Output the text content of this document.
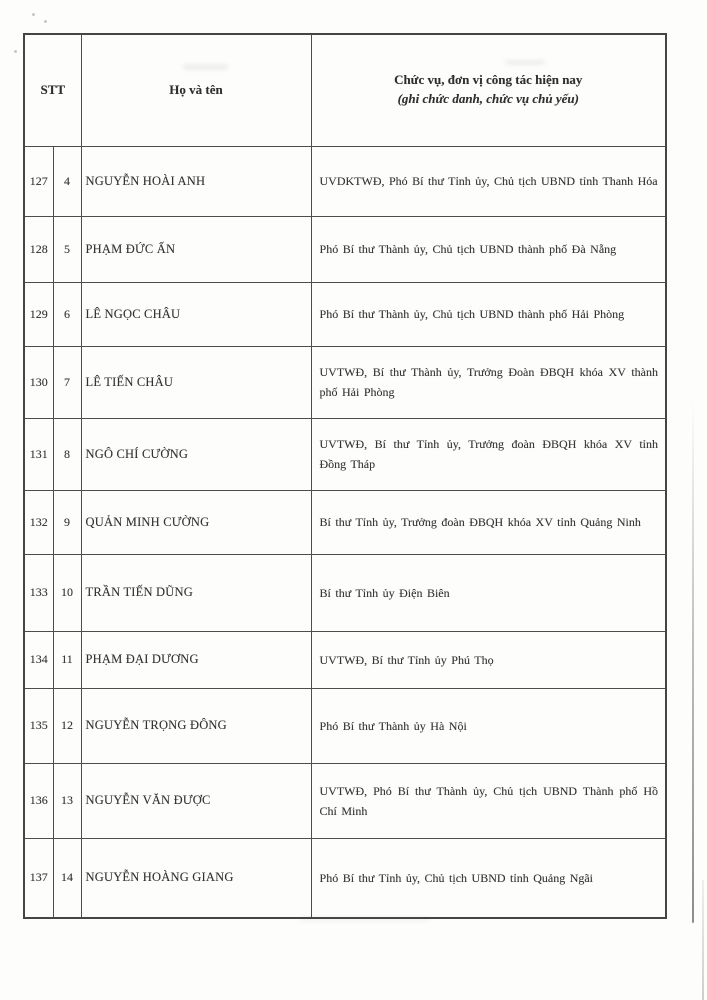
STT		Họ và tên	Chức vụ, đơn vị công tác hiện nay
(ghi chức danh, chức vụ chủ yếu)

127	4	NGUYỄN HOÀI ANH	UVDKTWĐ, Phó Bí thư Tỉnh ủy, Chủ tịch UBND tỉnh Thanh Hóa
128	5	PHẠM ĐỨC ẤN	Phó Bí thư Thành ủy, Chủ tịch UBND thành phố Đà Nẵng
129	6	LÊ NGỌC CHÂU	Phó Bí thư Thành ủy, Chủ tịch UBND thành phố Hải Phòng
130	7	LÊ TIẾN CHÂU	UVTWĐ, Bí thư Thành ủy, Trưởng Đoàn ĐBQH khóa XV thành phố Hải Phòng
131	8	NGÔ CHÍ CƯỜNG	UVTWĐ, Bí thư Tỉnh ủy, Trưởng đoàn ĐBQH khóa XV tỉnh Đồng Tháp
132	9	QUẢN MINH CƯỜNG	Bí thư Tỉnh ủy, Trưởng đoàn ĐBQH khóa XV tỉnh Quảng Ninh
133	10	TRẦN TIẾN DŨNG	Bí thư Tỉnh ủy Điện Biên
134	11	PHẠM ĐẠI DƯƠNG	UVTWĐ, Bí thư Tỉnh ủy Phú Thọ
135	12	NGUYỄN TRỌNG ĐÔNG	Phó Bí thư Thành ủy Hà Nội
136	13	NGUYỄN VĂN ĐƯỢC	UVTWĐ, Phó Bí thư Thành ủy, Chủ tịch UBND Thành phố Hồ Chí Minh
137	14	NGUYỄN HOÀNG GIANG	Phó Bí thư Tỉnh ủy, Chủ tịch UBND tỉnh Quảng Ngãi
